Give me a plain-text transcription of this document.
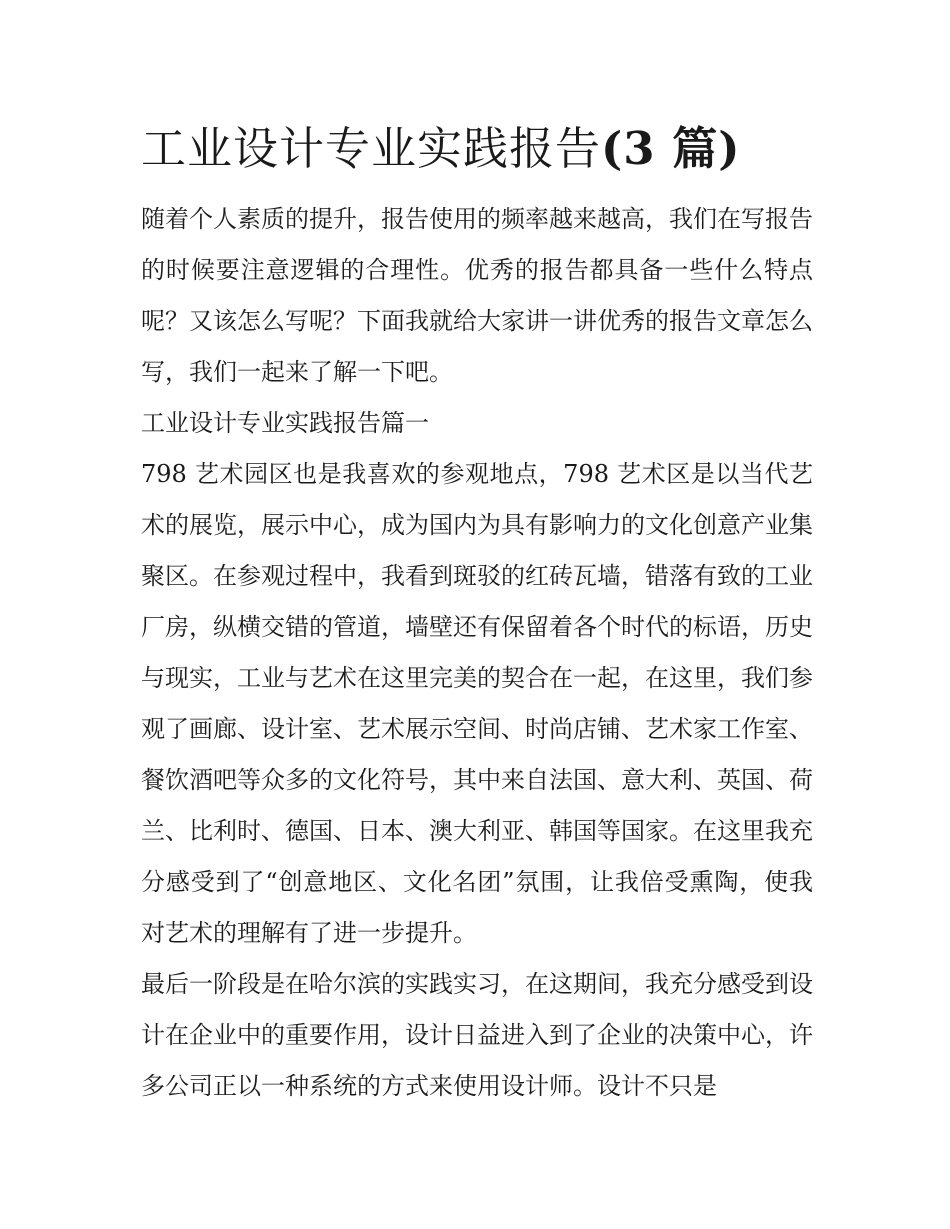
工业设计专业实践报告(3 篇)

随着个人素质的提升，报告使用的频率越来越高，我们在写报告的时候要注意逻辑的合理性。优秀的报告都具备一些什么特点呢？又该怎么写呢？下面我就给大家讲一讲优秀的报告文章怎么写，我们一起来了解一下吧。

工业设计专业实践报告篇一

798 艺术园区也是我喜欢的参观地点，798 艺术区是以当代艺术的展览，展示中心，成为国内为具有影响力的文化创意产业集聚区。在参观过程中，我看到斑驳的红砖瓦墙，错落有致的工业厂房，纵横交错的管道，墙壁还有保留着各个时代的标语，历史与现实，工业与艺术在这里完美的契合在一起，在这里，我们参观了画廊、设计室、艺术展示空间、时尚店铺、艺术家工作室、餐饮酒吧等众多的文化符号，其中来自法国、意大利、英国、荷兰、比利时、德国、日本、澳大利亚、韩国等国家。在这里我充分感受到了“创意地区、文化名团”氛围，让我倍受熏陶，使我对艺术的理解有了进一步提升。

最后一阶段是在哈尔滨的实践实习，在这期间，我充分感受到设计在企业中的重要作用，设计日益进入到了企业的决策中心，许多公司正以一种系统的方式来使用设计师。设计不只是
